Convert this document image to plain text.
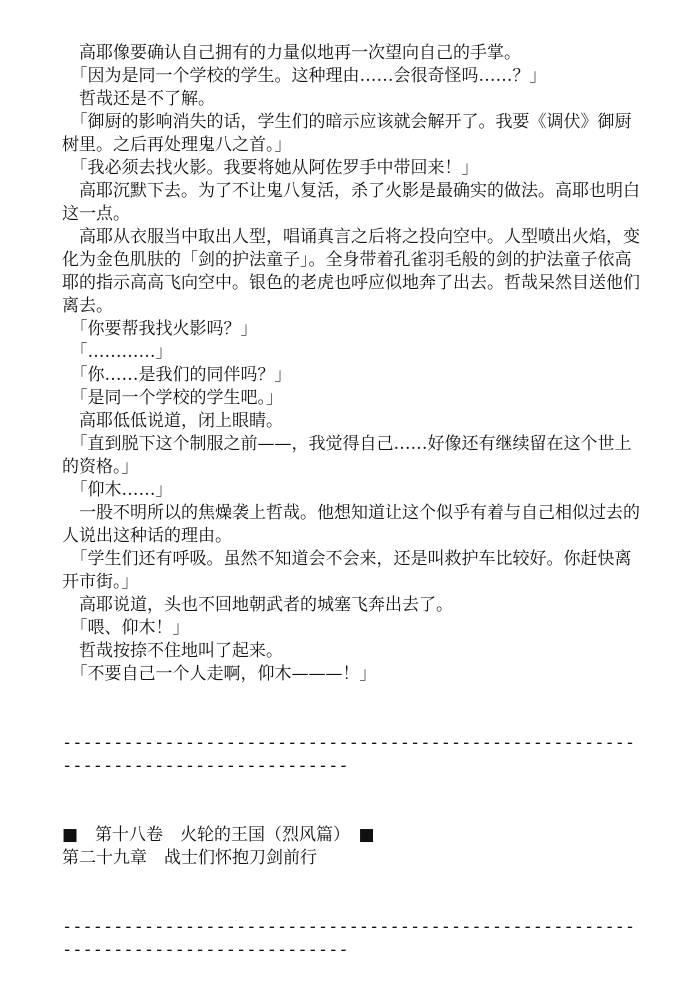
　高耶像要确认自己拥有的力量似地再一次望向自己的手掌。

　「因为是同一个学校的学生。这种理由……会很奇怪吗……？」

　哲哉还是不了解。

　「御厨的影响消失的话，学生们的暗示应该就会解开了。我要《调伏》御厨树里。之后再处理鬼八之首。」

　「我必须去找火影。我要将她从阿佐罗手中带回来！」

　高耶沉默下去。为了不让鬼八复活，杀了火影是最确实的做法。高耶也明白这一点。

　高耶从衣服当中取出人型，唱诵真言之后将之投向空中。人型喷出火焰，变化为金色肌肤的「剑的护法童子」。全身带着孔雀羽毛般的剑的护法童子依高耶的指示高高飞向空中。银色的老虎也呼应似地奔了出去。哲哉呆然目送他们离去。

　「你要帮我找火影吗？」

　「…………」

　「你……是我们的同伴吗？」

　「是同一个学校的学生吧。」

　高耶低低说道，闭上眼睛。

　「直到脱下这个制服之前——，我觉得自己……好像还有继续留在这个世上的资格。」

　「仰木……」

　一股不明所以的焦燥袭上哲哉。他想知道让这个似乎有着与自己相似过去的人说出这种话的理由。

　「学生们还有呼吸。虽然不知道会不会来，还是叫救护车比较好。你赶快离开市街。」

　高耶说道，头也不回地朝武者的城塞飞奔出去了。

　「喂、仰木！」

　哲哉按捺不住地叫了起来。

　「不要自己一个人走啊，仰木———！」

------------------------------------------------------------------------------------

■　第十八卷　火轮的王国（烈风篇）　■

第二十九章　战士们怀抱刀剑前行

------------------------------------------------------------------------------------
